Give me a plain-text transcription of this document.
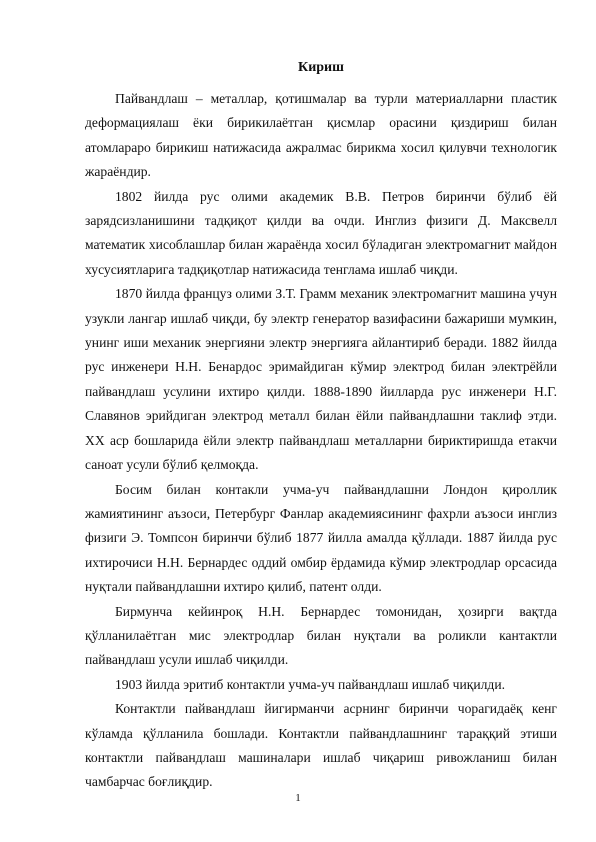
Кириш

Пайвандлаш – металлар, қотишмалар ва турли материалларни пластик деформациялаш ёки бирикилаётган қисмлар орасини қиздириш билан атомлараро бирикиш натижасида ажралмас бирикма хосил қилувчи технологик жараёндир.

1802 йилда рус олими академик В.В. Петров биринчи бўлиб ёй зарядсизланишини тадқиқот қилди ва очди. Инглиз физиги Д. Максвелл математик хисоблашлар билан жараёнда хосил бўладиган электромагнит майдон хусусиятларига тадқиқотлар натижасида тенглама ишлаб чиқди.

1870 йилда француз олими З.Т. Грамм механик электромагнит машина учун узукли лангар ишлаб чиқди, бу электр генератор вазифасини бажариши мумкин, унинг иши механик энергияни электр энергияга айлантириб беради. 1882 йилда рус инженери Н.Н. Бенардос эримайдиган кўмир электрод билан электрёйли пайвандлаш усулини ихтиро қилди. 1888-1890 йилларда рус инженери Н.Г. Славянов эрийдиган электрод металл билан ёйли пайвандлашни таклиф этди. XX аср бошларида ёйли электр пайвандлаш металларни бириктиришда етакчи саноат усули бўлиб қелмоқда.

Босим билан контакли учма-уч пайвандлашни Лондон қироллик жамиятининг аъзоси, Петербург Фанлар академиясининг фахрли аъзоси инглиз физиги Э. Томпсон биринчи бўлиб 1877 йилла амалда қўллади. 1887 йилда рус ихтирочиси Н.Н. Бернардес оддий омбир ёрдамида кўмир электродлар орсасида нуқтали пайвандлашни ихтиро қилиб, патент олди.

Бирмунча кейинроқ Н.Н. Бернардес томонидан, ҳозирги вақтда қўлланилаётган мис электродлар билан нуқтали ва роликли кантактли пайвандлаш усули ишлаб чиқилди.

1903 йилда эритиб контактли учма-уч пайвандлаш ишлаб чиқилди.

Контактли пайвандлаш йигирманчи асрнинг биринчи чорагидаёқ кенг кўламда қўлланила бошлади. Контактли пайвандлашнинг тараққий этиши контактли пайвандлаш машиналари ишлаб чиқариш ривожланиш билан чамбарчас боғлиқдир.

1
